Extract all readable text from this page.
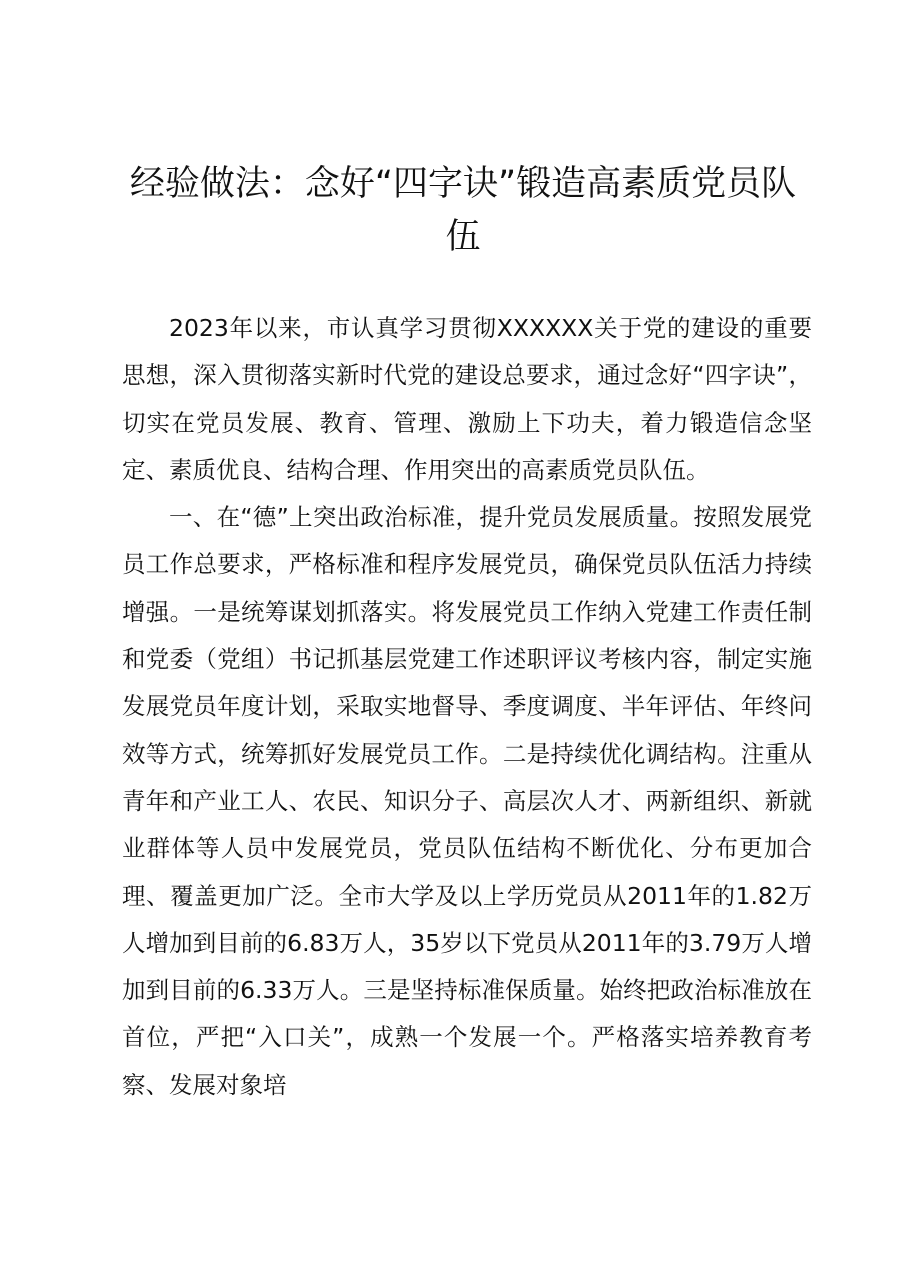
经验做法：念好“四字诀”锻造高素质党员队伍

2023年以来，市认真学习贯彻XXXXXX关于党的建设的重要思想，深入贯彻落实新时代党的建设总要求，通过念好“四字诀”，切实在党员发展、教育、管理、激励上下功夫，着力锻造信念坚定、素质优良、结构合理、作用突出的高素质党员队伍。

一、在“德”上突出政治标准，提升党员发展质量。按照发展党员工作总要求，严格标准和程序发展党员，确保党员队伍活力持续增强。一是统筹谋划抓落实。将发展党员工作纳入党建工作责任制和党委（党组）书记抓基层党建工作述职评议考核内容，制定实施发展党员年度计划，采取实地督导、季度调度、半年评估、年终问效等方式，统筹抓好发展党员工作。二是持续优化调结构。注重从青年和产业工人、农民、知识分子、高层次人才、两新组织、新就业群体等人员中发展党员，党员队伍结构不断优化、分布更加合理、覆盖更加广泛。全市大学及以上学历党员从2011年的1.82万人增加到目前的6.83万人，35岁以下党员从2011年的3.79万人增加到目前的6.33万人。三是坚持标准保质量。始终把政治标准放在首位，严把“入口关”，成熟一个发展一个。严格落实培养教育考察、发展对象培
